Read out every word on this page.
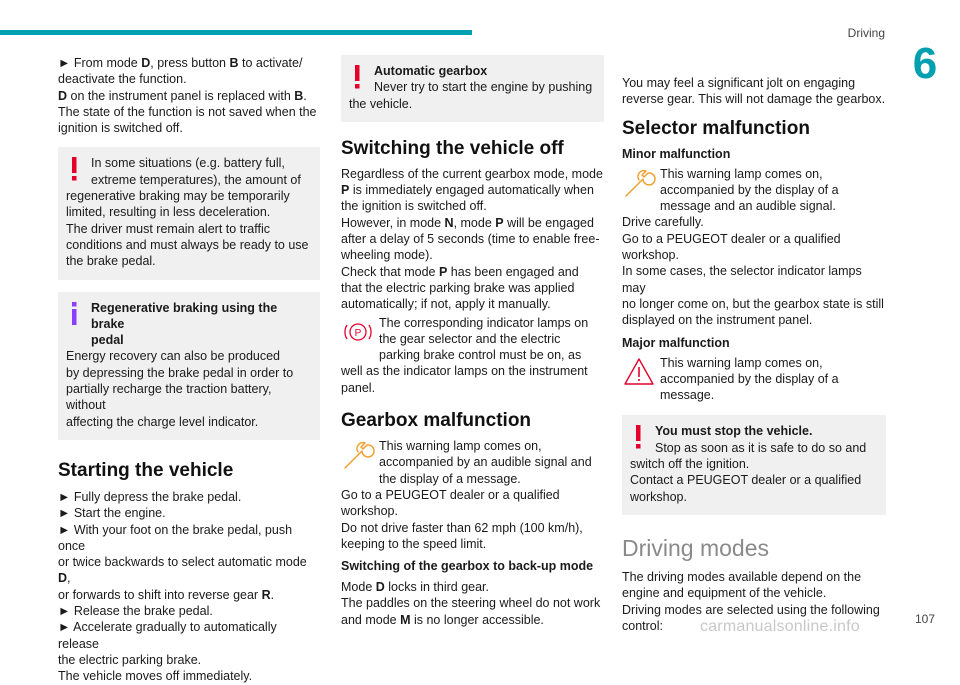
Driving
6

► From mode D, press button B to activate/

deactivate the function.

D on the instrument panel is replaced with B.

The state of the function is not saved when the

ignition is switched off.

In some situations (e.g. battery full,

extreme temperatures), the amount of

regenerative braking may be temporarily

limited, resulting in less deceleration.

The driver must remain alert to traffic

conditions and must always be ready to use

the brake pedal.

Regenerative braking using the brake

pedal

Energy recovery can also be produced

by depressing the brake pedal in order to

partially recharge the traction battery, without

affecting the charge level indicator.

Starting the vehicle

► Fully depress the brake pedal.

► Start the engine.

► With your foot on the brake pedal, push once

or twice backwards to select automatic mode D,

or forwards to shift into reverse gear R.

► Release the brake pedal.

► Accelerate gradually to automatically release

the electric parking brake.

The vehicle moves off immediately.

Automatic gearbox

Never try to start the engine by pushing

the vehicle.

Switching the vehicle off

Regardless of the current gearbox mode, mode

P is immediately engaged automatically when

the ignition is switched off.

However, in mode N, mode P will be engaged

after a delay of 5 seconds (time to enable free-

wheeling mode).

Check that mode P has been engaged and

that the electric parking brake was applied

automatically; if not, apply it manually.

P

The corresponding indicator lamps on the gear selector and the electric parking brake control must be on, as well as the indicator lamps on the instrument panel.

Gearbox malfunction

This warning lamp comes on, accompanied by an audible signal and the display of a message.

Go to a PEUGEOT dealer or a qualified

workshop.

Do not drive faster than 62 mph (100 km/h),

keeping to the speed limit.

Switching of the gearbox to back-up mode

Mode D locks in third gear.

The paddles on the steering wheel do not work

and mode M is no longer accessible.

You may feel a significant jolt on engaging

reverse gear. This will not damage the gearbox.

Selector malfunction
Minor malfunction

This warning lamp comes on, accompanied by the display of a message and an audible signal.

Drive carefully.

Go to a PEUGEOT dealer or a qualified

workshop.

In some cases, the selector indicator lamps may

no longer come on, but the gearbox state is still

displayed on the instrument panel.

Major malfunction

This warning lamp comes on, accompanied by the display of a message.

You must stop the vehicle.

Stop as soon as it is safe to do so and

switch off the ignition.

Contact a PEUGEOT dealer or a qualified

workshop.

Driving modes

The driving modes available depend on the

engine and equipment of the vehicle.

Driving modes are selected using the following

control:	carmanualsonline.info	107
